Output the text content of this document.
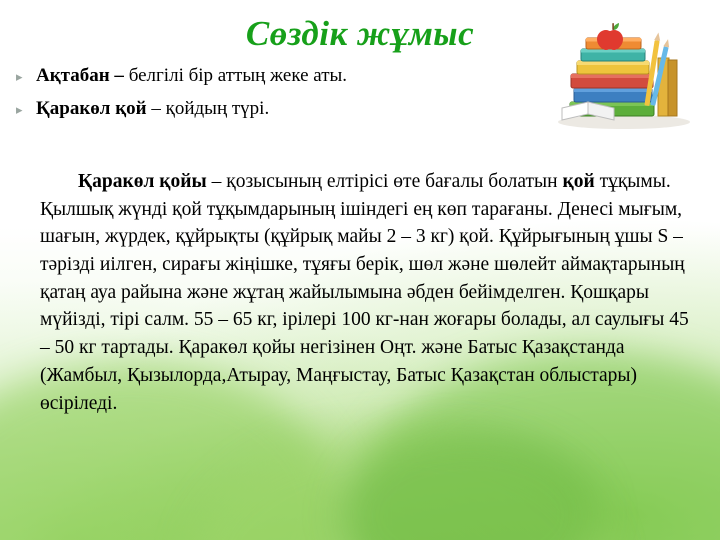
Сөздік жұмыс
▸ Ақтабан – белгілі бір аттың жеке аты.
▸ Қаракөл қой – қойдың түрі.

Қаракөл қойы – қозысының елтірісі өте бағалы болатын қой тұқымы. Қылшық жүнді қой тұқымдарының ішіндегі ең көп тарағаны. Денесі мығым, шағын, жүрдек, құйрықты (құйрық майы 2 – 3 кг) қой. Құйрығының ұшы S – тәрізді иілген, сирағы жіңішке, тұяғы берік, шөл және шөлейт аймақтарының қатаң ауа райына және жұтаң жайылымына әбден бейімделген. Қошқары мүйізді, тірі салм. 55 – 65 кг, ірілері 100 кг-нан жоғары болады, ал саулығы 45 – 50 кг тартады. Қаракөл қойы негізінен Оңт. және Батыс Қазақстанда (Жамбыл, Қызылорда,Атырау, Маңғыстау, Батыс Қазақстан облыстары) өсіріледі.
